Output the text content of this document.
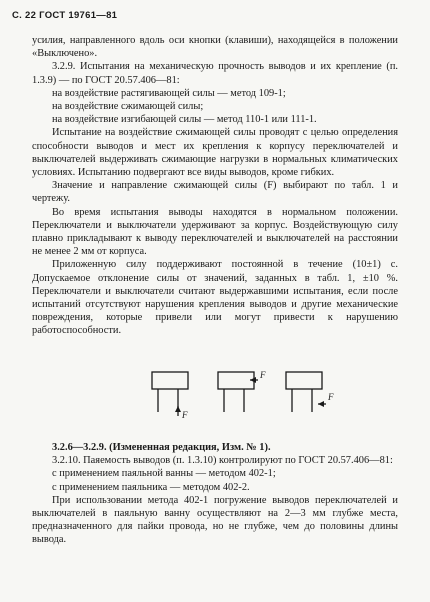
С. 22 ГОСТ 19761—81

усилия, направленного вдоль оси кнопки (клавиши), находящейся в положении «Выключено».

3.2.9. Испытания на механическую прочность выводов и их крепление (п. 1.3.9) — по ГОСТ 20.57.406—81:

на воздействие растягивающей силы — метод 109-1;

на воздействие сжимающей силы;

на воздействие изгибающей силы — метод 110-1 или 111-1.

Испытание на воздействие сжимающей силы проводят с целью определения способности выводов и мест их крепления к корпусу переключателей и выключателей выдерживать сжимающие нагрузки в нормальных климатических условиях. Испытанию подвергают все виды выводов, кроме гибких.

Значение и направление сжимающей силы (F) выбирают по табл. 1 и чертежу.

Во время испытания выводы находятся в нормальном положении. Переключатели и выключатели удерживают за корпус. Воздействующую силу плавно прикладывают к выводу переключателей и выключателей на расстоянии не менее 2 мм от корпуса.

Приложенную силу поддерживают постоянной в течение (10±1) с. Допускаемое отклонение силы от значений, заданных в табл. 1, ±10 %. Переключатели и выключатели считают выдержавшими испытания, если после испытаний отсутствуют нарушения крепления выводов и другие механические повреждения, которые привели или могут привести к нарушению работоспособности.

F
F
F

3.2.6—3.2.9. (Измененная редакция, Изм. № 1).

3.2.10. Паяемость выводов (п. 1.3.10) контролируют по ГОСТ 20.57.406—81:

с применением паяльной ванны — методом 402-1;

с применением паяльника — методом 402-2.

При использовании метода 402-1 погружение выводов переключателей и выключателей в паяльную ванну осуществляют на 2—3 мм глубже места, предназначенного для пайки провода, но не глубже, чем до половины длины вывода.
